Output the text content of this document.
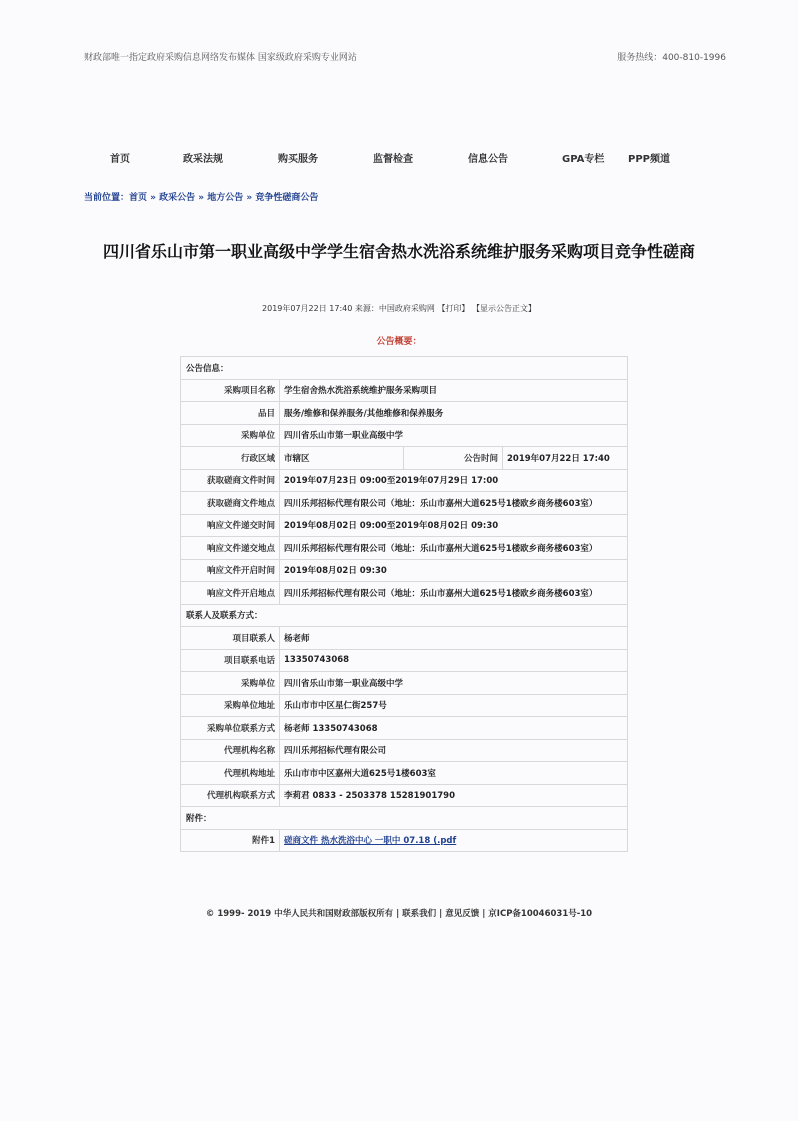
财政部唯一指定政府采购信息网络发布媒体 国家级政府采购专业网站	服务热线：400-810-1996
首页	政采法规	购买服务	监督检查	信息公告	GPA专栏 PPP频道
当前位置：首页 » 政采公告 » 地方公告 » 竞争性磋商公告
四川省乐山市第一职业高级中学学生宿舍热水洗浴系统维护服务采购项目竞争性磋商
2019年07月22日 17:40 来源：中国政府采购网 【打印】 【显示公告正文】
公告概要：
公告信息：			
采购项目名称	学生宿舍热水洗浴系统维护服务采购项目		
品目	服务/维修和保养服务/其他维修和保养服务		
采购单位	四川省乐山市第一职业高级中学		
行政区域	市辖区	公告时间	2019年07月22日 17:40
获取磋商文件时间	2019年07月23日 09:00至2019年07月29日 17:00		
获取磋商文件地点	四川乐邦招标代理有限公司（地址：乐山市嘉州大道625号1楼欧乡商务楼603室）		
响应文件递交时间	2019年08月02日 09:00至2019年08月02日 09:30		
响应文件递交地点	四川乐邦招标代理有限公司（地址：乐山市嘉州大道625号1楼欧乡商务楼603室）		
响应文件开启时间	2019年08月02日 09:30		
响应文件开启地点	四川乐邦招标代理有限公司（地址：乐山市嘉州大道625号1楼欧乡商务楼603室）		
联系人及联系方式：			
项目联系人	杨老师		
项目联系电话	13350743068		
采购单位	四川省乐山市第一职业高级中学		
采购单位地址	乐山市市中区星仁街257号		
采购单位联系方式	杨老师 13350743068		
代理机构名称	四川乐邦招标代理有限公司		
代理机构地址	乐山市市中区嘉州大道625号1楼603室		
代理机构联系方式	李莉君 0833 - 2503378 15281901790		
附件：			
附件1	磋商文件 热水洗浴中心 一职中 07.18 (.pdf		
© 1999- 2019 中华人民共和国财政部版权所有 | 联系我们 | 意见反馈 | 京ICP备10046031号-10
